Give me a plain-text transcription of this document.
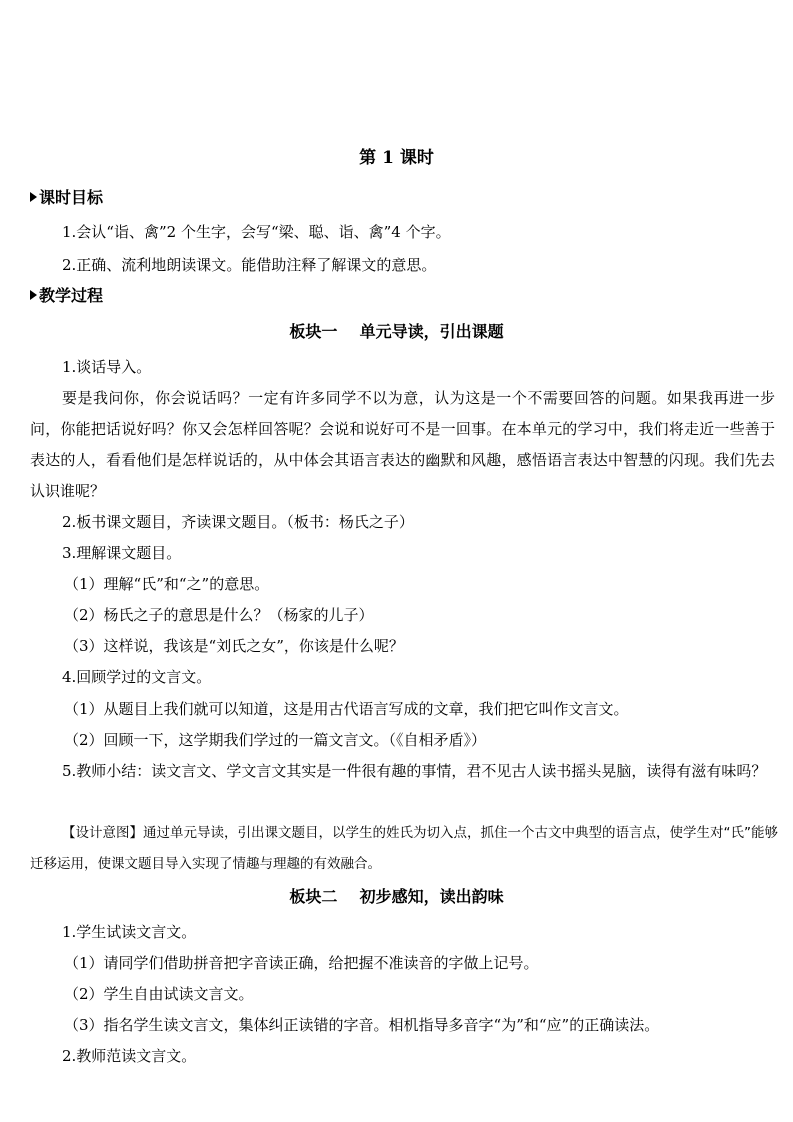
第 1 课时
课时目标
1.会认“诣、禽”2 个生字，会写“梁、聪、诣、禽”4 个字。
2.正确、流利地朗读课文。能借助注释了解课文的意思。
教学过程
板块一    单元导读，引出课题
1.谈话导入。
要是我问你，你会说话吗？一定有许多同学不以为意，认为这是一个不需要回答的问题。如果我再进一步问，你能把话说好吗？你又会怎样回答呢？会说和说好可不是一回事。在本单元的学习中，我们将走近一些善于表达的人，看看他们是怎样说话的，从中体会其语言表达的幽默和风趣，感悟语言表达中智慧的闪现。我们先去认识谁呢？
2.板书课文题目，齐读课文题目。（板书：杨氏之子）
3.理解课文题目。
（1）理解“氏”和“之”的意思。
（2）杨氏之子的意思是什么？（杨家的儿子）
（3）这样说，我该是“刘氏之女”，你该是什么呢？
4.回顾学过的文言文。
（1）从题目上我们就可以知道，这是用古代语言写成的文章，我们把它叫作文言文。
（2）回顾一下，这学期我们学过的一篇文言文。（《自相矛盾》）
5.教师小结：读文言文、学文言文其实是一件很有趣的事情，君不见古人读书摇头晃脑，读得有滋有味吗？
【设计意图】通过单元导读，引出课文题目，以学生的姓氏为切入点，抓住一个古文中典型的语言点，使学生对“氏”能够迁移运用，使课文题目导入实现了情趣与理趣的有效融合。
板块二    初步感知，读出韵味
1.学生试读文言文。
（1）请同学们借助拼音把字音读正确，给把握不准读音的字做上记号。
（2）学生自由试读文言文。
（3）指名学生读文言文，集体纠正读错的字音。相机指导多音字“为”和“应”的正确读法。
2.教师范读文言文。
